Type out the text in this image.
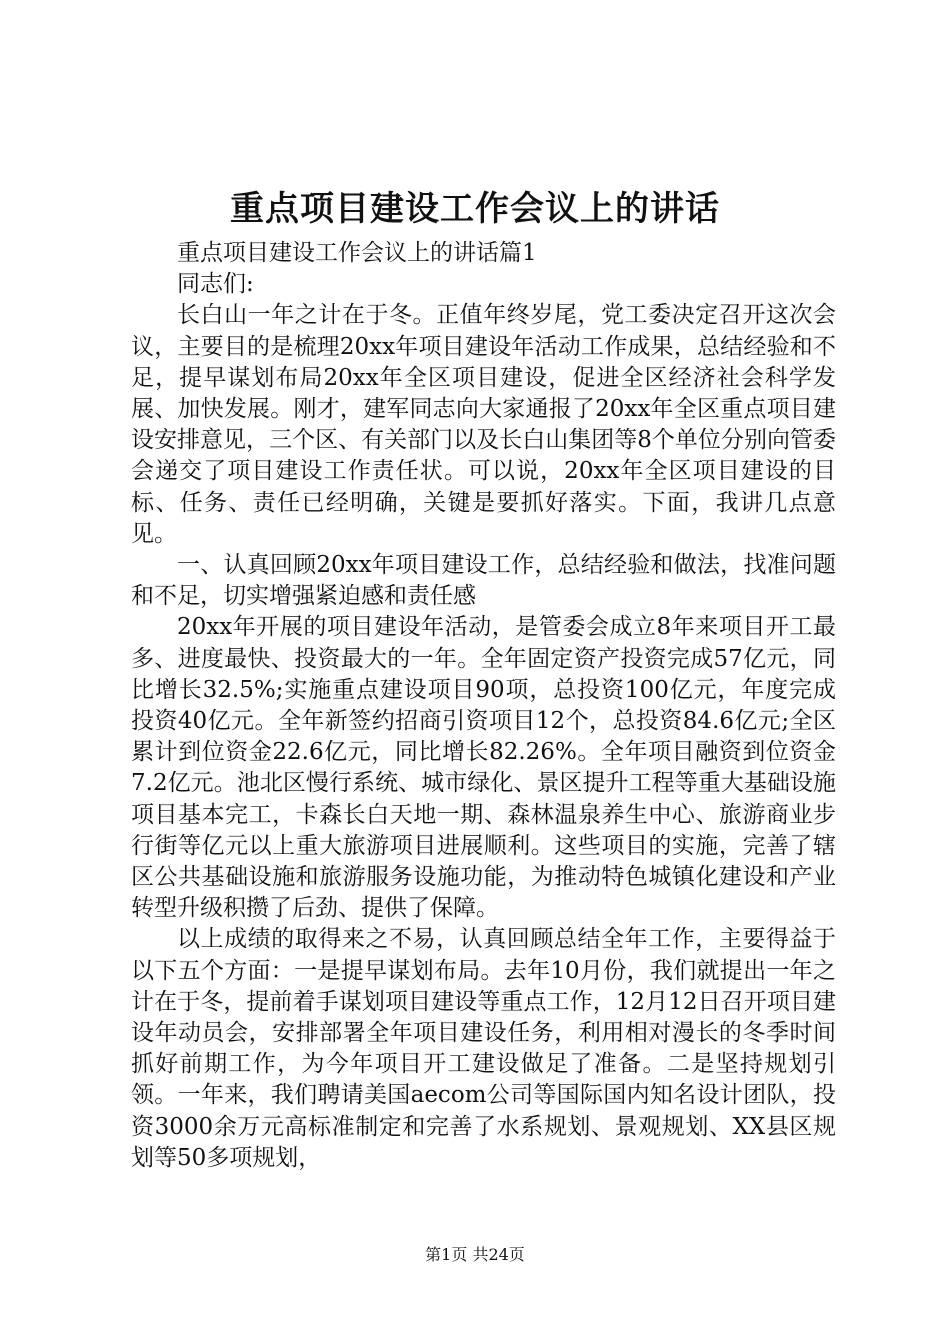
重点项目建设工作会议上的讲话

重点项目建设工作会议上的讲话篇1

同志们:

长白山一年之计在于冬。正值年终岁尾，党工委决定召开这次会议，主要目的是梳理20xx年项目建设年活动工作成果，总结经验和不足，提早谋划布局20xx年全区项目建设，促进全区经济社会科学发展、加快发展。刚才，建军同志向大家通报了20xx年全区重点项目建设安排意见，三个区、有关部门以及长白山集团等8个单位分别向管委会递交了项目建设工作责任状。可以说，20xx年全区项目建设的目标、任务、责任已经明确，关键是要抓好落实。下面，我讲几点意见。

一、认真回顾20xx年项目建设工作，总结经验和做法，找准问题和不足，切实增强紧迫感和责任感

20xx年开展的项目建设年活动，是管委会成立8年来项目开工最多、进度最快、投资最大的一年。全年固定资产投资完成57亿元，同比增长32.5%;实施重点建设项目90项，总投资100亿元，年度完成投资40亿元。全年新签约招商引资项目12个，总投资84.6亿元;全区累计到位资金22.6亿元，同比增长82.26%。全年项目融资到位资金7.2亿元。池北区慢行系统、城市绿化、景区提升工程等重大基础设施项目基本完工，卡森长白天地一期、森林温泉养生中心、旅游商业步行街等亿元以上重大旅游项目进展顺利。这些项目的实施，完善了辖区公共基础设施和旅游服务设施功能，为推动特色城镇化建设和产业转型升级积攒了后劲、提供了保障。

以上成绩的取得来之不易，认真回顾总结全年工作，主要得益于以下五个方面：一是提早谋划布局。去年10月份，我们就提出一年之计在于冬，提前着手谋划项目建设等重点工作，12月12日召开项目建设年动员会，安排部署全年项目建设任务，利用相对漫长的冬季时间抓好前期工作，为今年项目开工建设做足了准备。二是坚持规划引领。一年来，我们聘请美国aecom公司等国际国内知名设计团队，投资3000余万元高标准制定和完善了水系规划、景观规划、XX县区规划等50多项规划，

第1页 共24页
